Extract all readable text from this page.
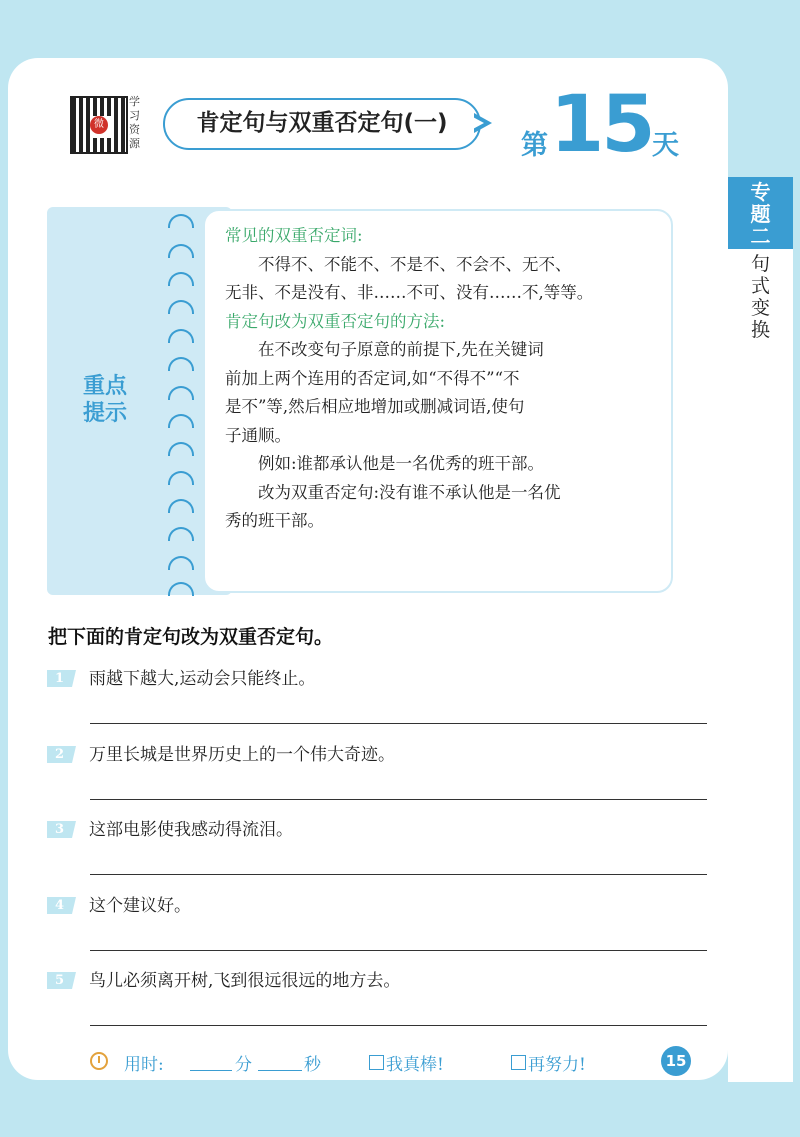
专
题
二
句
式
变
换
微
学习资源
肯定句与双重否定句(一)
第 15 天
重点
提示

常见的双重否定词:

不得不、不能不、不是不、不会不、无不、

无非、不是没有、非……不可、没有……不,等等。

肯定句改为双重否定句的方法:

在不改变句子原意的前提下,先在关键词

前加上两个连用的否定词,如“不得不”“不

是不”等,然后相应地增加或删减词语,使句

子通顺。

例如:谁都承认他是一名优秀的班干部。

改为双重否定句:没有谁不承认他是一名优

秀的班干部。

把下面的肯定句改为双重否定句。
1	雨越下越大,运动会只能终止。
2	万里长城是世界历史上的一个伟大奇迹。
3	这部电影使我感动得流泪。
4	这个建议好。
5	鸟儿必须离开树,飞到很远很远的地方去。
用时:	分	秒	我真棒!	再努力!	15
